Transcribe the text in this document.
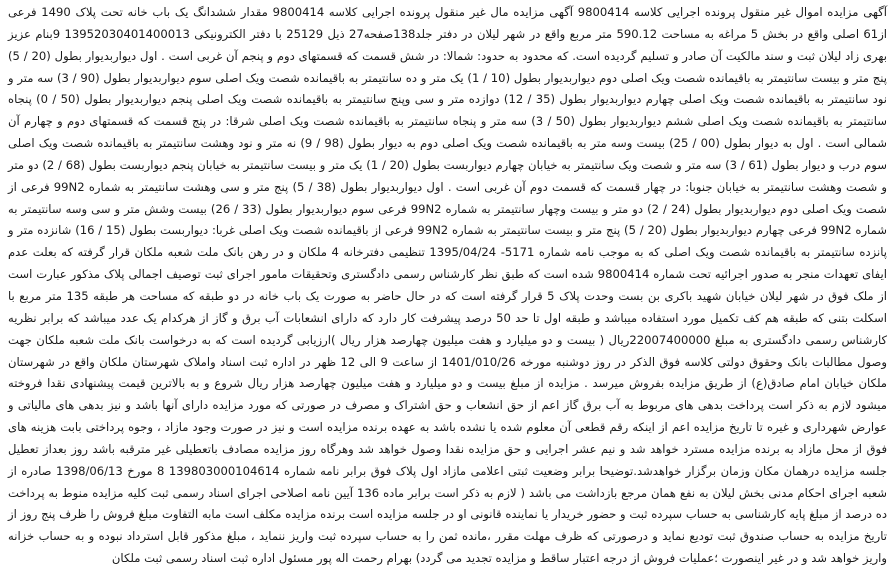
آگهی مزایده اموال غیر منقول پرونده اجرایی کلاسه 9800414 آگهی مزایده مال غیر منقول پرونده اجرایی کلاسه 9800414 مقدار ششدانگ یک باب خانه تحت پلاک 1490 فرعی از61 اصلی واقع در بخش 5 مراغه به مساحت 590.12 متر مربع واقع در شهر لیلان در دفتر جلد138صفحه27 ذیل 25129 با دفتر الکترونیکی 13952030401400013 9بنام عزیز بهری زاد لیلان ثبت و سند مالکیت آن صادر و تسلیم گردیده است. که محدود به حدود: شمالا: در شش قسمت که قسمتهای دوم و پنجم آن غربی است . اول دیواربدیوار بطول (20 / 5) پنج متر و بیست سانتیمتر به باقیمانده شصت ویک اصلی دوم دیواربدیوار بطول (10 / 1) یک متر و ده سانتیمتر به باقیمانده شصت ویک اصلی سوم دیواربدیوار بطول (90 / 3) سه متر و نود سانتیمتر به باقیمانده شصت ویک اصلی چهارم دیواربدیوار بطول (35 / 12) دوازده متر و سی وپنج سانتیمتر به باقیمانده شصت ویک اصلی پنجم دیواربدیوار بطول (50 / 0) پنجاه سانتیمتر به باقیمانده شصت ویک اصلی ششم دیواربدیوار بطول (50 / 3) سه متر و پنجاه سانتیمتر به باقیمانده شصت ویک اصلی شرقا: در پنج قسمت که قسمتهای دوم و چهارم آن شمالی است . اول به دیوار بطول (00 / 25) بیست وسه متر به باقیمانده شصت ویک اصلی دوم به دیوار بطول (98 / 9) نه متر و نود وهشت سانتیمتر به باقیمانده شصت ویک اصلی سوم درب و دیوار بطول (61 / 3) سه متر و شصت ویک سانتیمتر به خیابان چهارم دیواربست بطول (20 / 1) یک متر و بیست سانتیمتر به خیابان پنجم دیواربست بطول (68 / 2) دو متر و شصت وهشت سانتیمتر به خیابان جنوبا: در چهار قسمت که قسمت دوم آن غربی است . اول دیواربدیوار بطول (38 / 5) پنج متر و سی وهشت سانتیمتر به شماره 99N2 فرعی از شصت ویک اصلی دوم دیواربدیوار بطول (24 / 2) دو متر و بیست وچهار سانتیمتر به شماره 99N2 فرعی سوم دیواربدیوار بطول (33 / 26) بیست وشش متر و سی وسه سانتیمتر به شماره 99N2 فرعی چهارم دیواربدیوار بطول (20 / 5) پنج متر و بیست سانتیمتر به شماره 99N2 فرعی از باقیمانده شصت ویک اصلی غربا: دیواربست بطول (15 / 16) شانزده متر و پانزده سانتیمتر به باقیمانده شصت ویک اصلی که به موجب نامه شماره 5171- 1395/04/24 تنظیمی دفترخانه 4 ملکان و در رهن بانک ملت شعبه ملکان قرار گرفته که بعلت عدم ایفای تعهدات منجر به صدور اجرائیه تحت شماره 9800414 شده است که طبق نظر کارشناس رسمی دادگستری وتحقیقات مامور اجرای ثبت توصیف اجمالی پلاک مذکور عبارت است از ملک فوق در شهر لیلان خیابان شهید باکری بن بست وحدت پلاک 5 قرار گرفته است که در حال حاضر به صورت یک باب خانه در دو طبقه که مساحت هر طبقه 135 متر مربع با اسکلت بتنی که طبقه هم کف تکمیل مورد استفاده میباشد و طبقه اول تا حد 50 درصد پیشرفت کار دارد که دارای انشعابات آب برق و گاز از هرکدام یک عدد میباشد که برابر نظریه کارشناس رسمی دادگستری به مبلغ 22007400000ریال ( بیست و دو میلیارد و هفت میلیون چهارصد هزار ریال )ارزیابی گردیده است که به درخواست بانک ملت شعبه ملکان جهت وصول مطالبات بانک وحقوق دولتی کلاسه فوق الذکر در روز دوشنبه مورخه 1401/010/26 از ساعت 9 الی 12 ظهر در اداره ثبت اسناد واملاک شهرستان ملکان واقع در شهرستان ملکان خیابان امام صادق(ع) از طریق مزایده بفروش میرسد . مزایده از مبلغ بیست و دو میلیارد و هفت میلیون چهارصد هزار ریال شروع و به بالاترین قیمت پیشنهادی نقدا فروخته میشود لازم به ذکر است پرداخت بدهی های مربوط به آب برق گاز اعم از حق انشعاب و حق اشتراک و مصرف در صورتی که مورد مزایده دارای آنها باشد و نیز بدهی های مالیاتی و عوارض شهرداری و غیره تا تاریخ مزایده اعم از اینکه رقم قطعی آن معلوم شده یا نشده باشد به عهده برنده مزایده است و نیز در صورت وجود مازاد ، وجوه پرداختی بابت هزینه های فوق از محل مازاد به برنده مزایده مسترد خواهد شد و نیم عشر اجرایی و حق مزایده نقدا وصول خواهد شد وهرگاه روز مزایده مصادف باتعطیلی غیر مترقبه باشد روز بعداز تعطیل جلسه مزایده درهمان مکان وزمان برگزار خواهدشد.توضیحا برابر وضعیت ثبتی اعلامی مازاد اول پلاک فوق برابر نامه شماره 139803000104614 8 مورخ 1398/06/13 صادره از شعبه اجرای احکام مدنی بخش لیلان به نفع همان مرجع بازداشت می باشد ( لازم به ذکر است برابر ماده 136 آیین نامه اصلاحی اجرای اسناد رسمی ثبت کلیه مزایده منوط به پرداخت ده درصد از مبلغ پایه کارشناسی به حساب سپرده ثبت و حضور خریدار یا نماینده قانونی او در جلسه مزایده است برنده مزایده مکلف است مابه التفاوت مبلغ فروش را ظرف پنج روز از تاریخ مزایده به حساب صندوق ثبت تودیع نماید و درصورتی که ظرف مهلت مقرر ،مانده ثمن را به حساب سپرده ثبت واریز ننماید ، مبلغ مذکور قابل استرداد نبوده و به حساب خزانه واریز خواهد شد و در غیر اینصورت ؛عملیات فروش از درجه اعتبار ساقط و مزایده تجدید می گردد) بهرام رحمت اله پور مسئول اداره ثبت اسناد رسمی ثبت ملکان
